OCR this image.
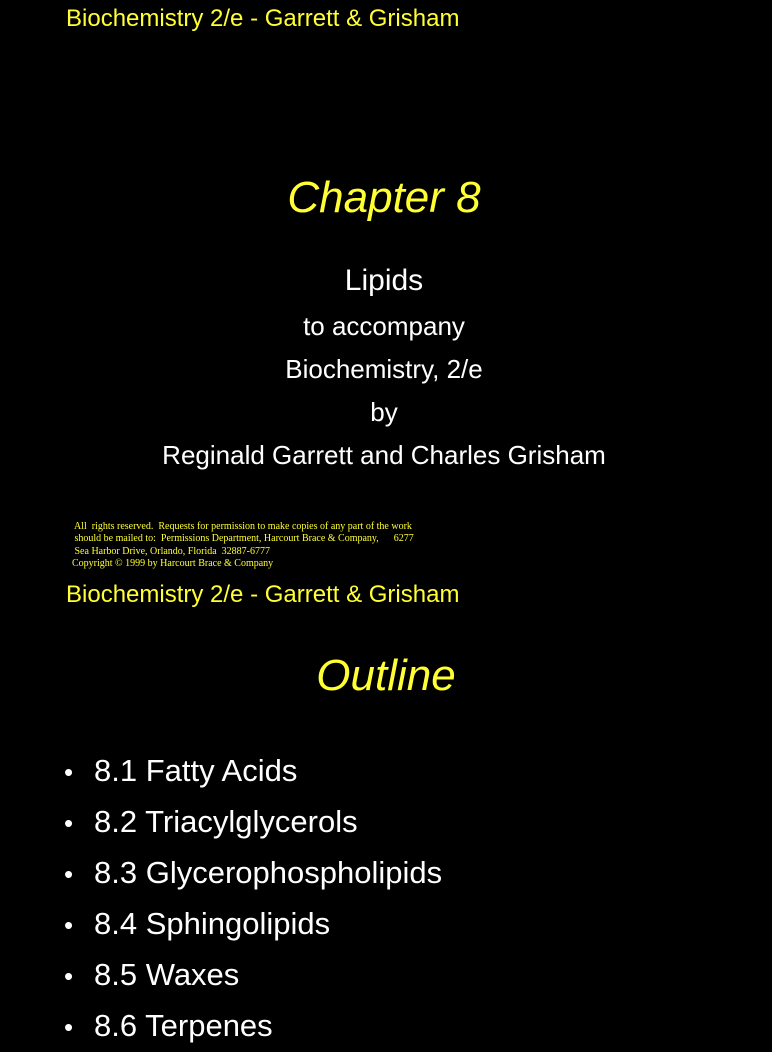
Biochemistry 2/e - Garrett & Grisham
Chapter 8
Lipids
to accompany
Biochemistry, 2/e
by
Reginald Garrett and Charles Grisham
All  rights reserved.  Requests for permission to make copies of any part of the work
should be mailed to:  Permissions Department, Harcourt Brace & Company,      6277
Sea Harbor Drive, Orlando, Florida  32887-6777
Copyright © 1999 by Harcourt Brace & Company
Biochemistry 2/e - Garrett & Grisham
Outline
• 8.1 Fatty Acids
• 8.2 Triacylglycerols
• 8.3 Glycerophospholipids
• 8.4 Sphingolipids
• 8.5 Waxes
• 8.6 Terpenes
